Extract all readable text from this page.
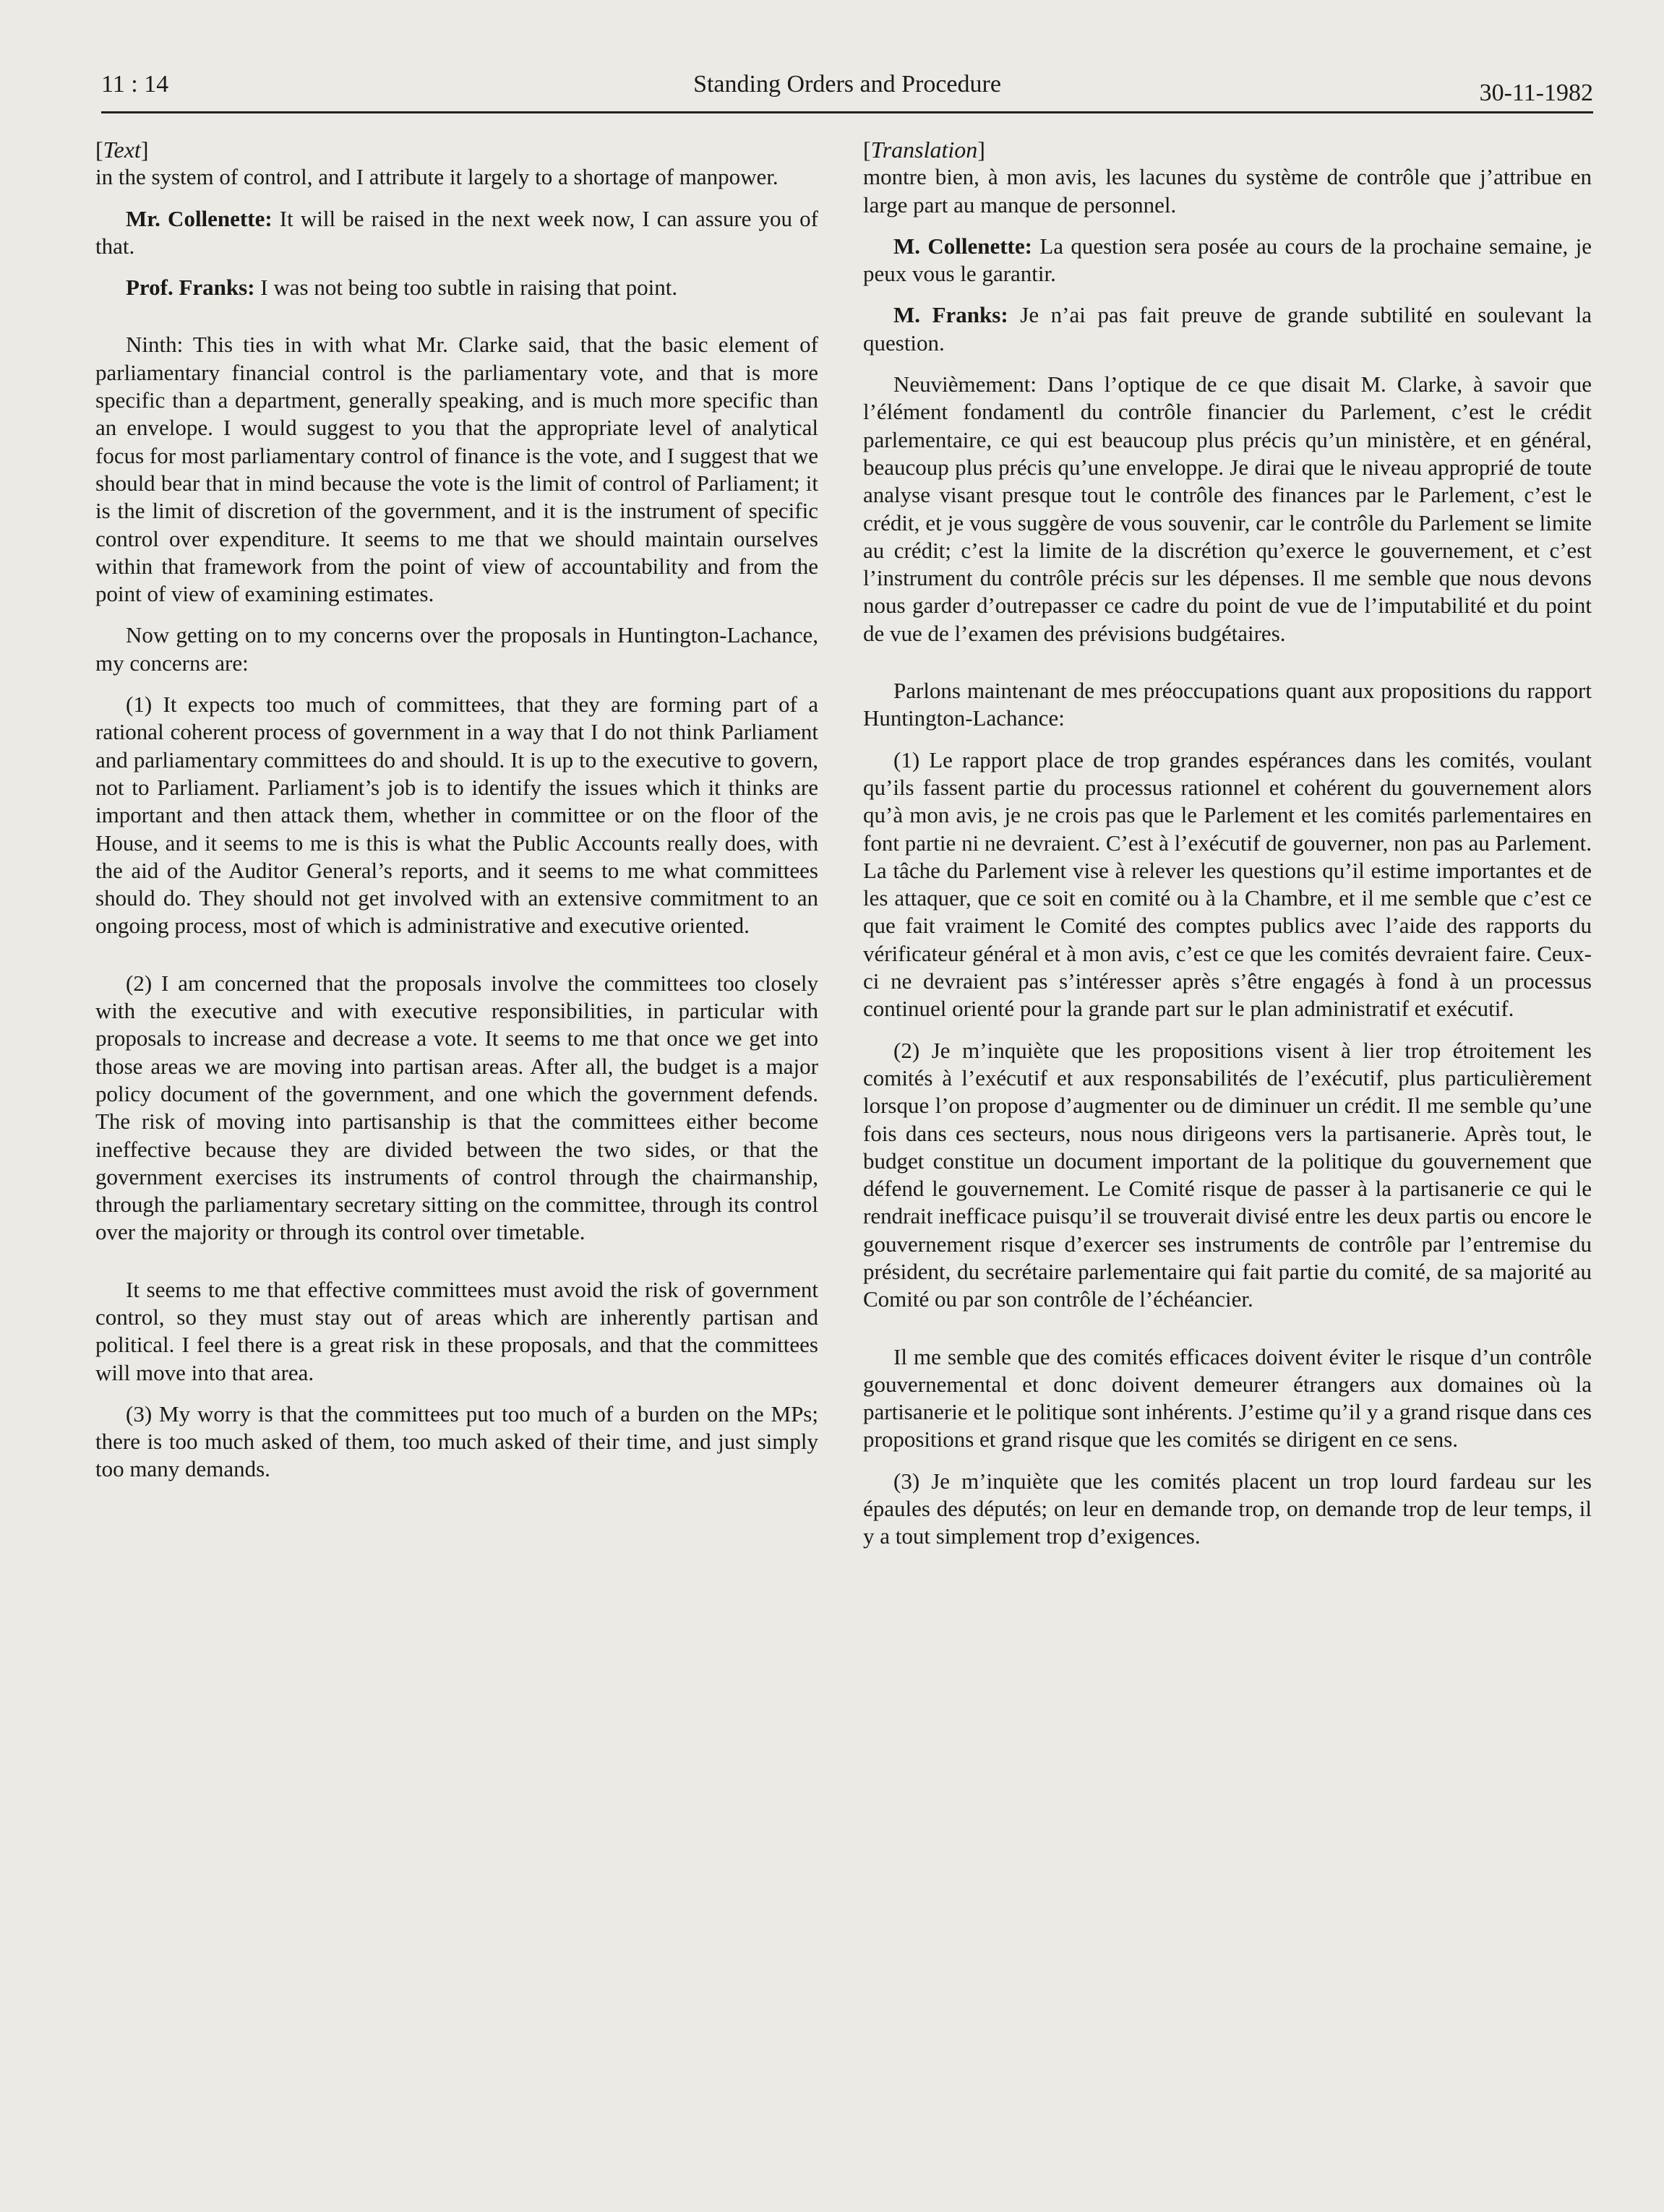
11 : 14	Standing Orders and Procedure	30-11-1982

[Text]

in the system of control, and I attribute it largely to a shortage of manpower.

Mr. Collenette: It will be raised in the next week now, I can assure you of that.

Prof. Franks: I was not being too subtle in raising that point.

Ninth: This ties in with what Mr. Clarke said, that the basic element of parliamentary financial control is the parliamentary vote, and that is more specific than a department, generally speaking, and is much more specific than an envelope. I would suggest to you that the appropriate level of analytical focus for most parliamentary control of finance is the vote, and I suggest that we should bear that in mind because the vote is the limit of control of Parliament; it is the limit of discretion of the government, and it is the instrument of specific control over expenditure. It seems to me that we should maintain ourselves within that framework from the point of view of accountability and from the point of view of examining estimates.

Now getting on to my concerns over the proposals in Huntington-Lachance, my concerns are:

(1) It expects too much of committees, that they are forming part of a rational coherent process of government in a way that I do not think Parliament and parliamentary committees do and should. It is up to the executive to govern, not to Parliament. Parliament’s job is to identify the issues which it thinks are important and then attack them, whether in committee or on the floor of the House, and it seems to me is this is what the Public Accounts really does, with the aid of the Auditor General’s reports, and it seems to me what committees should do. They should not get involved with an extensive commitment to an ongoing process, most of which is administrative and executive oriented.

(2) I am concerned that the proposals involve the committees too closely with the executive and with executive responsibilities, in particular with proposals to increase and decrease a vote. It seems to me that once we get into those areas we are moving into partisan areas. After all, the budget is a major policy document of the government, and one which the government defends. The risk of moving into partisanship is that the committees either become ineffective because they are divided between the two sides, or that the government exercises its instruments of control through the chairmanship, through the parliamentary secretary sitting on the committee, through its control over the majority or through its control over timetable.

It seems to me that effective committees must avoid the risk of government control, so they must stay out of areas which are inherently partisan and political. I feel there is a great risk in these proposals, and that the committees will move into that area.

(3) My worry is that the committees put too much of a burden on the MPs; there is too much asked of them, too much asked of their time, and just simply too many demands.

[Translation]

montre bien, à mon avis, les lacunes du système de contrôle que j’attribue en large part au manque de personnel.

M. Collenette: La question sera posée au cours de la prochaine semaine, je peux vous le garantir.

M. Franks: Je n’ai pas fait preuve de grande subtilité en soulevant la question.

Neuvièmement: Dans l’optique de ce que disait M. Clarke, à savoir que l’élément fondamentl du contrôle financier du Parlement, c’est le crédit parlementaire, ce qui est beaucoup plus précis qu’un ministère, et en général, beaucoup plus précis qu’une enveloppe. Je dirai que le niveau approprié de toute analyse visant presque tout le contrôle des finances par le Parlement, c’est le crédit, et je vous suggère de vous souvenir, car le contrôle du Parlement se limite au crédit; c’est la limite de la discrétion qu’exerce le gouvernement, et c’est l’instrument du contrôle précis sur les dépenses. Il me semble que nous devons nous garder d’outrepasser ce cadre du point de vue de l’imputabilité et du point de vue de l’examen des prévisions budgétaires.

Parlons maintenant de mes préoccupations quant aux propositions du rapport Huntington-Lachance:

(1) Le rapport place de trop grandes espérances dans les comités, voulant qu’ils fassent partie du processus rationnel et cohérent du gouvernement alors qu’à mon avis, je ne crois pas que le Parlement et les comités parlementaires en font partie ni ne devraient. C’est à l’exécutif de gouverner, non pas au Parlement. La tâche du Parlement vise à relever les questions qu’il estime importantes et de les attaquer, que ce soit en comité ou à la Chambre, et il me semble que c’est ce que fait vraiment le Comité des comptes publics avec l’aide des rapports du vérificateur général et à mon avis, c’est ce que les comités devraient faire. Ceux-ci ne devraient pas s’intéresser après s’être engagés à fond à un processus continuel orienté pour la grande part sur le plan administratif et exécutif.

(2) Je m’inquiète que les propositions visent à lier trop étroitement les comités à l’exécutif et aux responsabilités de l’exécutif, plus particulièrement lorsque l’on propose d’augmenter ou de diminuer un crédit. Il me semble qu’une fois dans ces secteurs, nous nous dirigeons vers la partisanerie. Après tout, le budget constitue un document important de la politique du gouvernement que défend le gouvernement. Le Comité risque de passer à la partisanerie ce qui le rendrait inefficace puisqu’il se trouverait divisé entre les deux partis ou encore le gouvernement risque d’exercer ses instruments de contrôle par l’entremise du président, du secrétaire parlementaire qui fait partie du comité, de sa majorité au Comité ou par son contrôle de l’échéancier.

Il me semble que des comités efficaces doivent éviter le risque d’un contrôle gouvernemental et donc doivent demeurer étrangers aux domaines où la partisanerie et le politique sont inhérents. J’estime qu’il y a grand risque dans ces propositions et grand risque que les comités se dirigent en ce sens.

(3) Je m’inquiète que les comités placent un trop lourd fardeau sur les épaules des députés; on leur en demande trop, on demande trop de leur temps, il y a tout simplement trop d’exigences.
